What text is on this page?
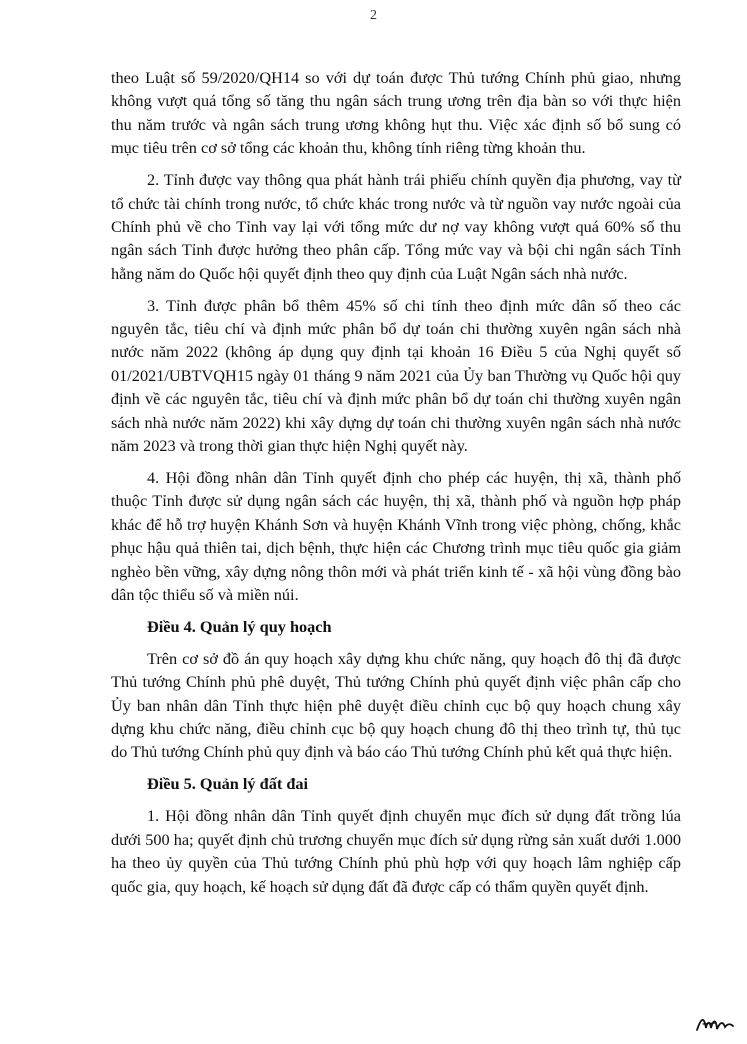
2

theo Luật số 59/2020/QH14 so với dự toán được Thủ tướng Chính phủ giao, nhưng không vượt quá tổng số tăng thu ngân sách trung ương trên địa bàn so với thực hiện thu năm trước và ngân sách trung ương không hụt thu. Việc xác định số bổ sung có mục tiêu trên cơ sở tổng các khoản thu, không tính riêng từng khoản thu.

2. Tỉnh được vay thông qua phát hành trái phiếu chính quyền địa phương, vay từ tổ chức tài chính trong nước, tổ chức khác trong nước và từ nguồn vay nước ngoài của Chính phủ về cho Tỉnh vay lại với tổng mức dư nợ vay không vượt quá 60% số thu ngân sách Tỉnh được hưởng theo phân cấp. Tổng mức vay và bội chi ngân sách Tỉnh hằng năm do Quốc hội quyết định theo quy định của Luật Ngân sách nhà nước.

3. Tỉnh được phân bổ thêm 45% số chi tính theo định mức dân số theo các nguyên tắc, tiêu chí và định mức phân bổ dự toán chi thường xuyên ngân sách nhà nước năm 2022 (không áp dụng quy định tại khoản 16 Điều 5 của Nghị quyết số 01/2021/UBTVQH15 ngày 01 tháng 9 năm 2021 của Ủy ban Thường vụ Quốc hội quy định về các nguyên tắc, tiêu chí và định mức phân bổ dự toán chi thường xuyên ngân sách nhà nước năm 2022) khi xây dựng dự toán chi thường xuyên ngân sách nhà nước năm 2023 và trong thời gian thực hiện Nghị quyết này.

4. Hội đồng nhân dân Tỉnh quyết định cho phép các huyện, thị xã, thành phố thuộc Tỉnh được sử dụng ngân sách các huyện, thị xã, thành phố và nguồn hợp pháp khác để hỗ trợ huyện Khánh Sơn và huyện Khánh Vĩnh trong việc phòng, chống, khắc phục hậu quả thiên tai, dịch bệnh, thực hiện các Chương trình mục tiêu quốc gia giảm nghèo bền vững, xây dựng nông thôn mới và phát triển kinh tế - xã hội vùng đồng bào dân tộc thiểu số và miền núi.

Điều 4. Quản lý quy hoạch

Trên cơ sở đồ án quy hoạch xây dựng khu chức năng, quy hoạch đô thị đã được Thủ tướng Chính phủ phê duyệt, Thủ tướng Chính phủ quyết định việc phân cấp cho Ủy ban nhân dân Tỉnh thực hiện phê duyệt điều chỉnh cục bộ quy hoạch chung xây dựng khu chức năng, điều chỉnh cục bộ quy hoạch chung đô thị theo trình tự, thủ tục do Thủ tướng Chính phủ quy định và báo cáo Thủ tướng Chính phủ kết quả thực hiện.

Điều 5. Quản lý đất đai

1. Hội đồng nhân dân Tỉnh quyết định chuyển mục đích sử dụng đất trồng lúa dưới 500 ha; quyết định chủ trương chuyển mục đích sử dụng rừng sản xuất dưới 1.000 ha theo ủy quyền của Thủ tướng Chính phủ phù hợp với quy hoạch lâm nghiệp cấp quốc gia, quy hoạch, kế hoạch sử dụng đất đã được cấp có thẩm quyền quyết định.
